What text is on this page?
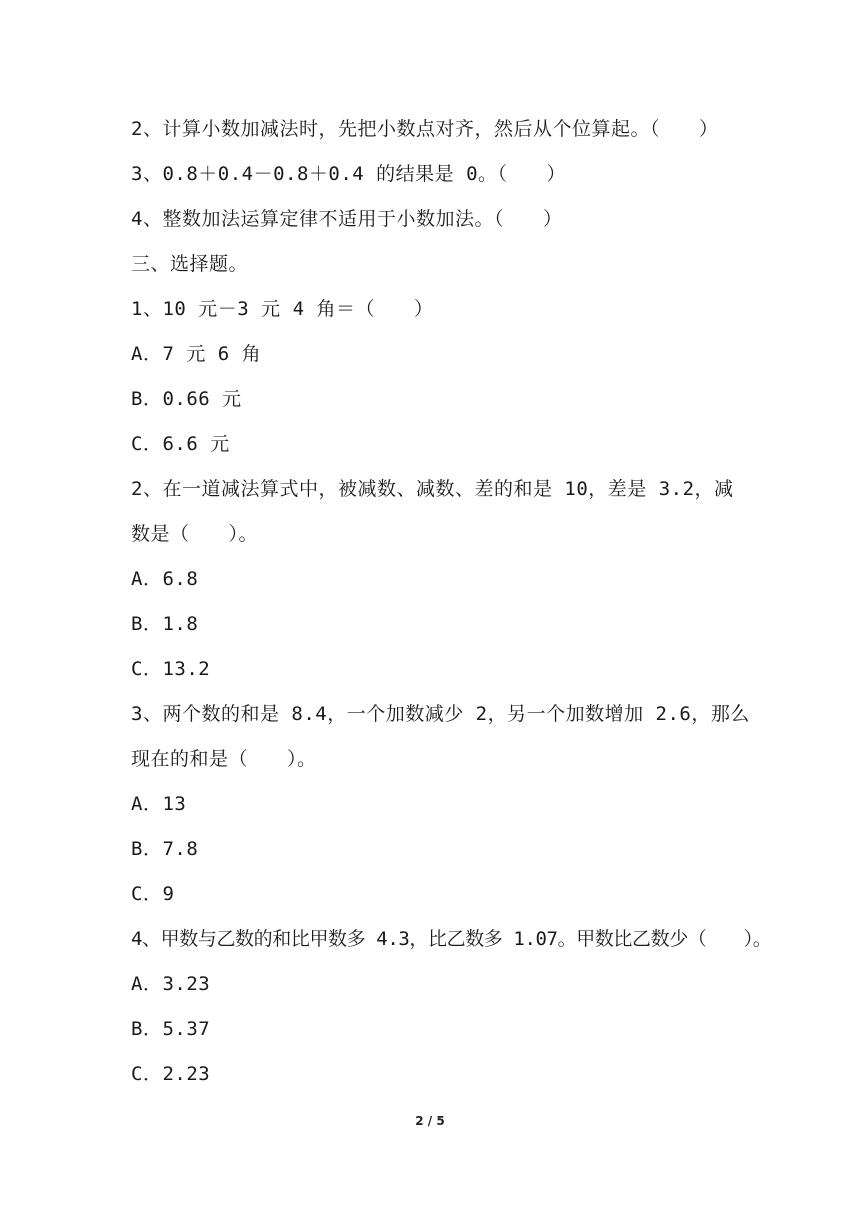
2、计算小数加减法时，先把小数点对齐，然后从个位算起。（　　）
3、0.8＋0.4－0.8＋0.4 的结果是 0。（　　）
4、整数加法运算定律不适用于小数加法。（　　）
三、选择题。
1、10 元－3 元 4 角＝（　　）
A．7 元 6 角
B．0.66 元
C．6.6 元
2、在一道减法算式中，被减数、减数、差的和是 10，差是 3.2，减
数是（　　）。
A．6.8
B．1.8
C．13.2
3、两个数的和是 8.4，一个加数减少 2，另一个加数增加 2.6，那么
现在的和是（　　）。
A．13
B．7.8
C．9
4、甲数与乙数的和比甲数多 4.3，比乙数多 1.07。甲数比乙数少（　　）。
A．3.23
B．5.37
C．2.23
2 / 5
